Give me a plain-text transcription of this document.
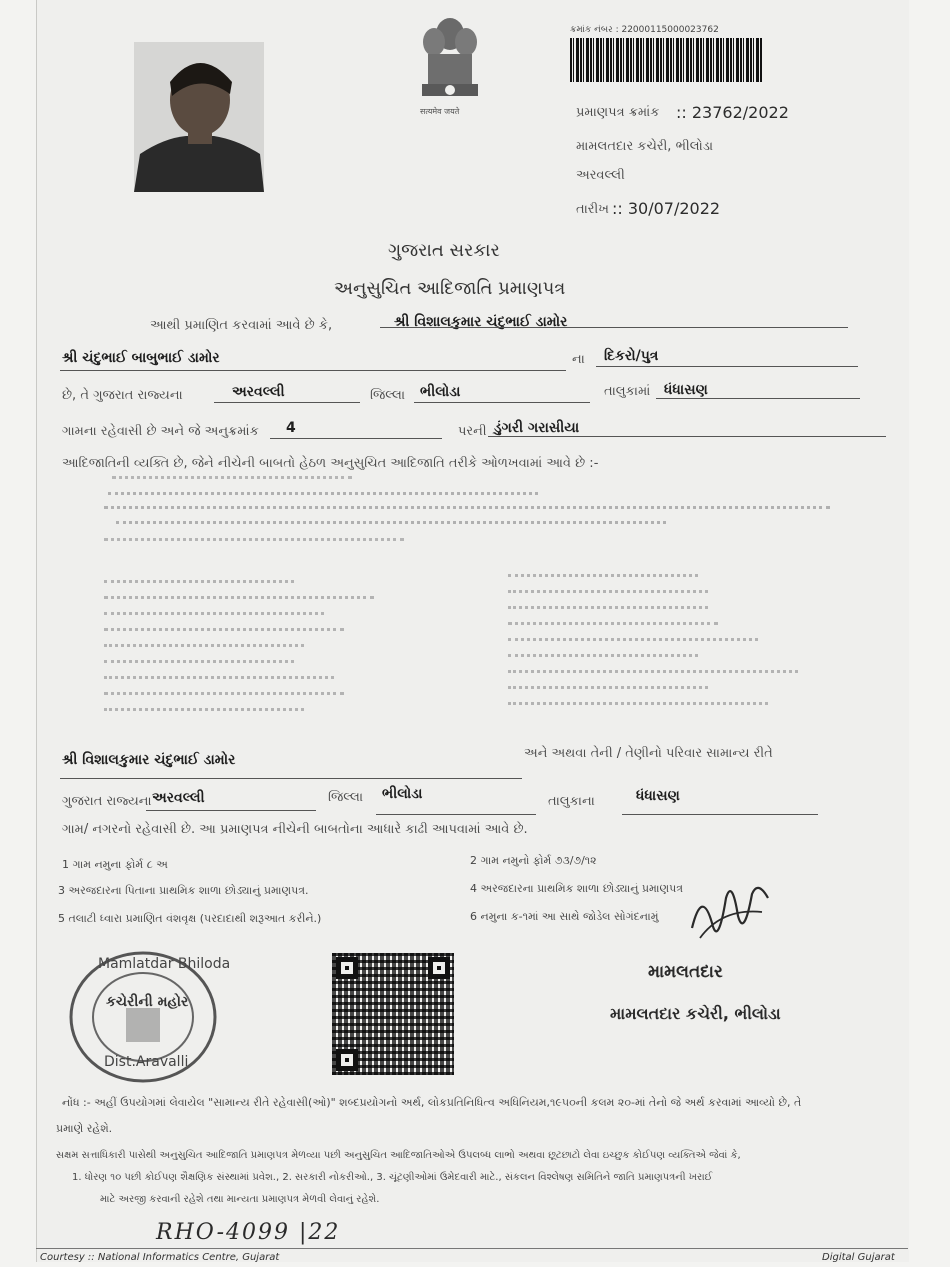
सत्यमेव जयते
ક્રમાંક નંબર : 22000115000023762
પ્રમાણપત્ર ક્રમાંક :: 23762/2022
મામલતદાર કચેરી, ભીલોડા
અરવલ્લી
તારીખ :: 30/07/2022
ગુજરાત સરકાર
અનુસુચિત આદિજાતિ પ્રમાણપત્ર
આથી પ્રમાણિત કરવામાં આવે છે કે,	શ્રી વિશાલકુમાર ચંદુભાઈ ડામોર
શ્રી ચંદુભાઈ બાબુભાઈ ડામોર	ના દિકરો/પુત્ર
છે, તે ગુજરાત રાજ્યના	અરવલ્લી	જિલ્લા ભીલોડા	તાલુકામાં ધંધાસણ
ગામના રહેવાસી છે અને જે અનુક્રમાંક 4	પરની ડુંગરી ગરાસીયા
આદિજાતિની વ્યક્તિ છે, જેને નીચેની બાબતો હેઠળ અનુસુચિત આદિજાતિ તરીકે ઓળખવામાં આવે છે :-
શ્રી વિશાલકુમાર ચંદુભાઈ ડામોર	અને અથવા તેની / તેણીનો પરિવાર સામાન્ય રીતે
ગુજરાત રાજ્યના અરવલ્લી	જિલ્લા ભીલોડા	તાલુકાના	ધંધાસણ
ગામ/ નગરનો રહેવાસી છે. આ પ્રમાણપત્ર નીચેની બાબતોના આધારે કાઢી આપવામાં આવે છે.
1 ગામ નમુના ફોર્મ ૮ અ	2 ગામ નમુનો ફોર્મ ૭૩/૭/૧૨
3 અરજદારના પિતાના પ્રાથમિક શાળા છોડ્યાનું પ્રમાણપત્ર.	4 અરજદારના પ્રાથમિક શાળા છોડ્યાનું પ્રમાણપત્ર
5 તલાટી ધ્વારા પ્રમાણિત વંશવૃક્ષ (પરદાદાથી શરૂઆત કરીને.)	6 નમુના ક-૧માં આ સાથે જોડેલ સોગંદનામું
મામલતદાર
મામલતદાર કચેરી, ભીલોડા
Mamlatdar Bhiloda
કચેરીની મહોર
Dist.Aravalli
નોંધ :- અહીં ઉપયોગમાં લેવાયેલ "સામાન્ય રીતે રહેવાસી(ઓ)" શબ્દપ્રયોગનો અર્થ, લોકપ્રતિનિધિત્વ અધિનિયમ,૧૯૫૦ની કલમ ૨૦-માં તેનો જે અર્થ કરવામાં આવ્યો છે, તે
પ્રમાણે રહેશે.
સક્ષમ સત્તાધિકારી પાસેથી અનુસુચિત આદિજાતિ પ્રમાણપત્ર મેળવ્યા પછી અનુસુચિત આદિજાતિઓએ ઉપલબ્ધ લાભો અથવા છૂટછાટો લેવા ઇચ્છુક કોઈપણ વ્યક્તિએ જેવાં કે,
1. ધોરણ ૧૦ પછી કોઈપણ શૈક્ષણિક સંસ્થામાં પ્રવેશ., 2. સરકારી નોકરીઓ., 3. ચૂંટણીઓમાં ઉમેદવારી માટે., સંકલન વિશ્લેષણ સમિતિને જાતિ પ્રમાણપત્રની ખરાઈ
માટે અરજી કરવાની રહેશે તથા માન્યતા પ્રમાણપત્ર મેળવી લેવાનું રહેશે.
RHO-4099 |22
Courtesy :: National Informatics Centre, Gujarat	Digital Gujarat
